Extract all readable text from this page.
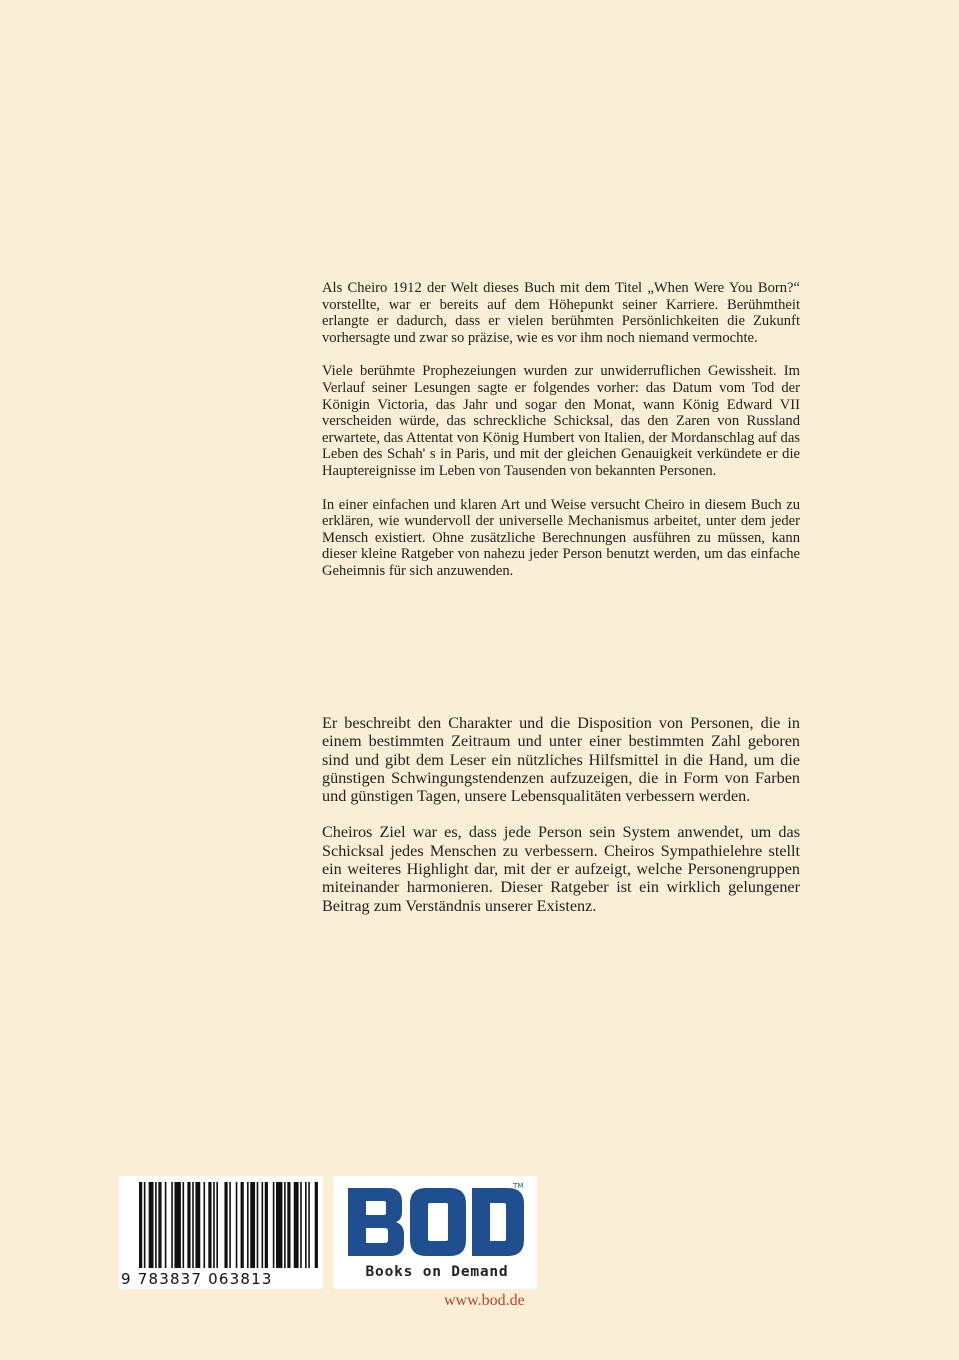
Als Cheiro 1912 der Welt dieses Buch mit dem Titel „When Were You Born?“ vorstellte, war er bereits auf dem Höhepunkt seiner Karriere. Berühmtheit erlangte er dadurch, dass er vielen berühmten Persönlichkeiten die Zukunft vorhersagte und zwar so präzise, wie es vor ihm noch niemand vermochte.

Viele berühmte Prophezeiungen wurden zur unwiderruflichen Gewissheit. Im Verlauf seiner Lesungen sagte er folgendes vorher: das Datum vom Tod der Königin Victoria, das Jahr und sogar den Monat, wann König Edward VII verscheiden würde, das schreckliche Schicksal, das den Zaren von Russland erwartete, das Attentat von König Humbert von Italien, der Mordanschlag auf das Leben des Schah' s in Paris, und mit der gleichen Genauigkeit verkündete er die Hauptereignisse im Leben von Tausenden von bekannten Personen.

In einer einfachen und klaren Art und Weise versucht Cheiro in diesem Buch zu erklären, wie wundervoll der universelle Mechanismus arbeitet, unter dem jeder Mensch existiert. Ohne zusätzliche Berechnungen ausführen zu müssen, kann dieser kleine Ratgeber von nahezu jeder Person benutzt werden, um das einfache Geheimnis für sich anzuwenden.

Er beschreibt den Charakter und die Disposition von Personen, die in einem bestimmten Zeitraum und unter einer bestimmten Zahl geboren sind und gibt dem Leser ein nützliches Hilfsmittel in die Hand, um die günstigen Schwingungstendenzen aufzuzeigen, die in Form von Farben und günstigen Tagen, unsere Lebensqualitäten verbessern werden.

Cheiros Ziel war es, dass jede Person sein System anwendet, um das Schicksal jedes Menschen zu verbessern. Cheiros Sympathielehre stellt ein weiteres Highlight dar, mit der er aufzeigt, welche Personengruppen miteinander harmonieren. Dieser Ratgeber ist ein wirklich gelungener Beitrag zum Verständnis unserer Existenz.

9 783837 063813
TM
Books on Demand
www.bod.de
